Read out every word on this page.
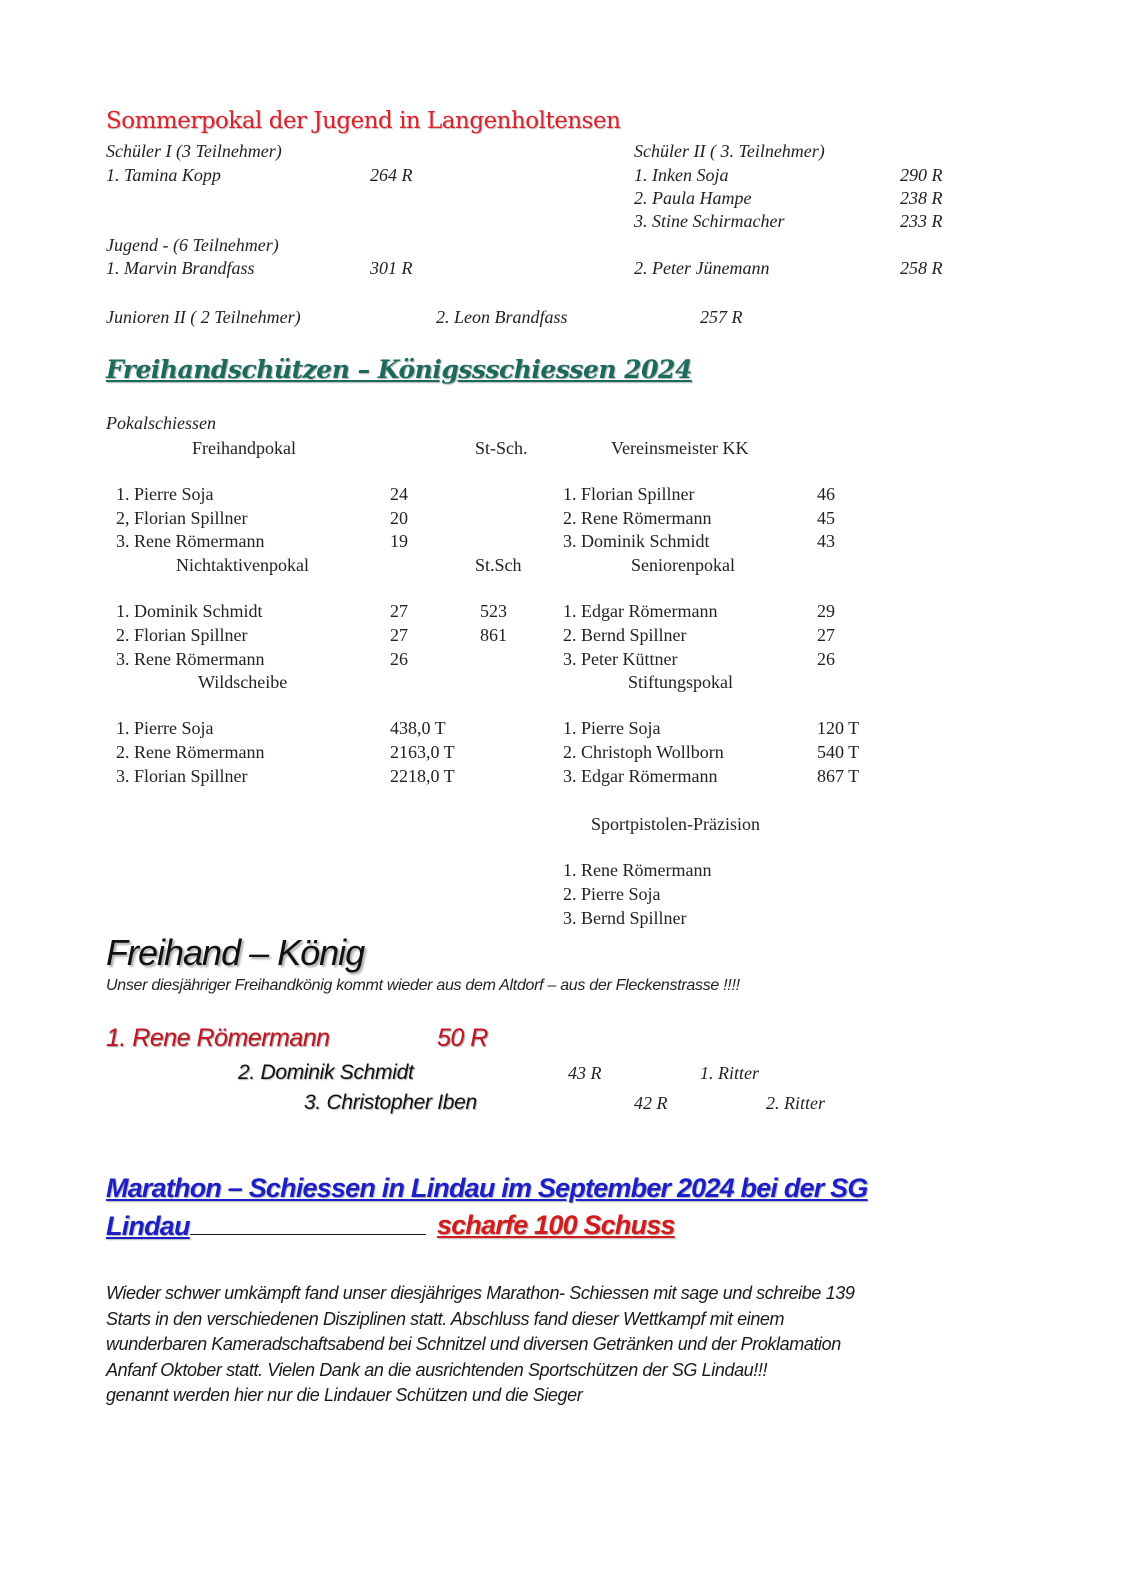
Sommerpokal der Jugend in Langenholtensen
Schüler I (3 Teilnehmer)
1. Tamina Kopp	264 R
Schüler II ( 3. Teilnehmer)
1. Inken Soja	290 R
2. Paula Hampe	238 R
3. Stine Schirmacher	233 R
Jugend - (6 Teilnehmer)
1. Marvin Brandfass	301 R	2. Peter Jünemann	258 R
Junioren II ( 2 Teilnehmer)	2. Leon Brandfass	257 R
Freihandschützen – Königssschiessen 2024
Pokalschiessen
Freihandpokal	St-Sch.
1. Pierre Soja	24
2, Florian Spillner	20
3. Rene Römermann	19
Vereinsmeister KK
1. Florian Spillner	46
2. Rene Römermann	45
3. Dominik Schmidt	43
Nichtaktivenpokal	St.Sch
1. Dominik Schmidt	27	523
2. Florian Spillner	27	861
3. Rene Römermann	26
Seniorenpokal
1. Edgar Römermann	29
2. Bernd Spillner	27
3. Peter Küttner	26
Wildscheibe
1. Pierre Soja	438,0 T
2. Rene Römermann	2163,0 T
3. Florian Spillner	2218,0 T
Stiftungspokal
1. Pierre Soja	120 T
2. Christoph Wollborn	540 T
3. Edgar Römermann	867 T
Sportpistolen-Präzision
1. Rene Römermann
2. Pierre Soja
3. Bernd Spillner
Freihand – König
Unser diesjähriger Freihandkönig kommt wieder aus dem Altdorf – aus der Fleckenstrasse !!!!
1. Rene Römermann	50 R
2. Dominik Schmidt	43 R	1. Ritter
3. Christopher Iben	42 R	2. Ritter
Marathon – Schiessen in Lindau im September 2024 bei der SG
Lindau	scharfe 100 Schuss
Wieder schwer umkämpft fand unser diesjähriges Marathon- Schiessen mit sage und schreibe 139
Starts in den verschiedenen Disziplinen statt. Abschluss fand dieser Wettkampf mit einem
wunderbaren Kameradschaftsabend bei Schnitzel und diversen Getränken und der Proklamation
Anfanf Oktober statt. Vielen Dank an die ausrichtenden Sportschützen der SG Lindau!!!
genannt werden hier nur die Lindauer Schützen und die Sieger
